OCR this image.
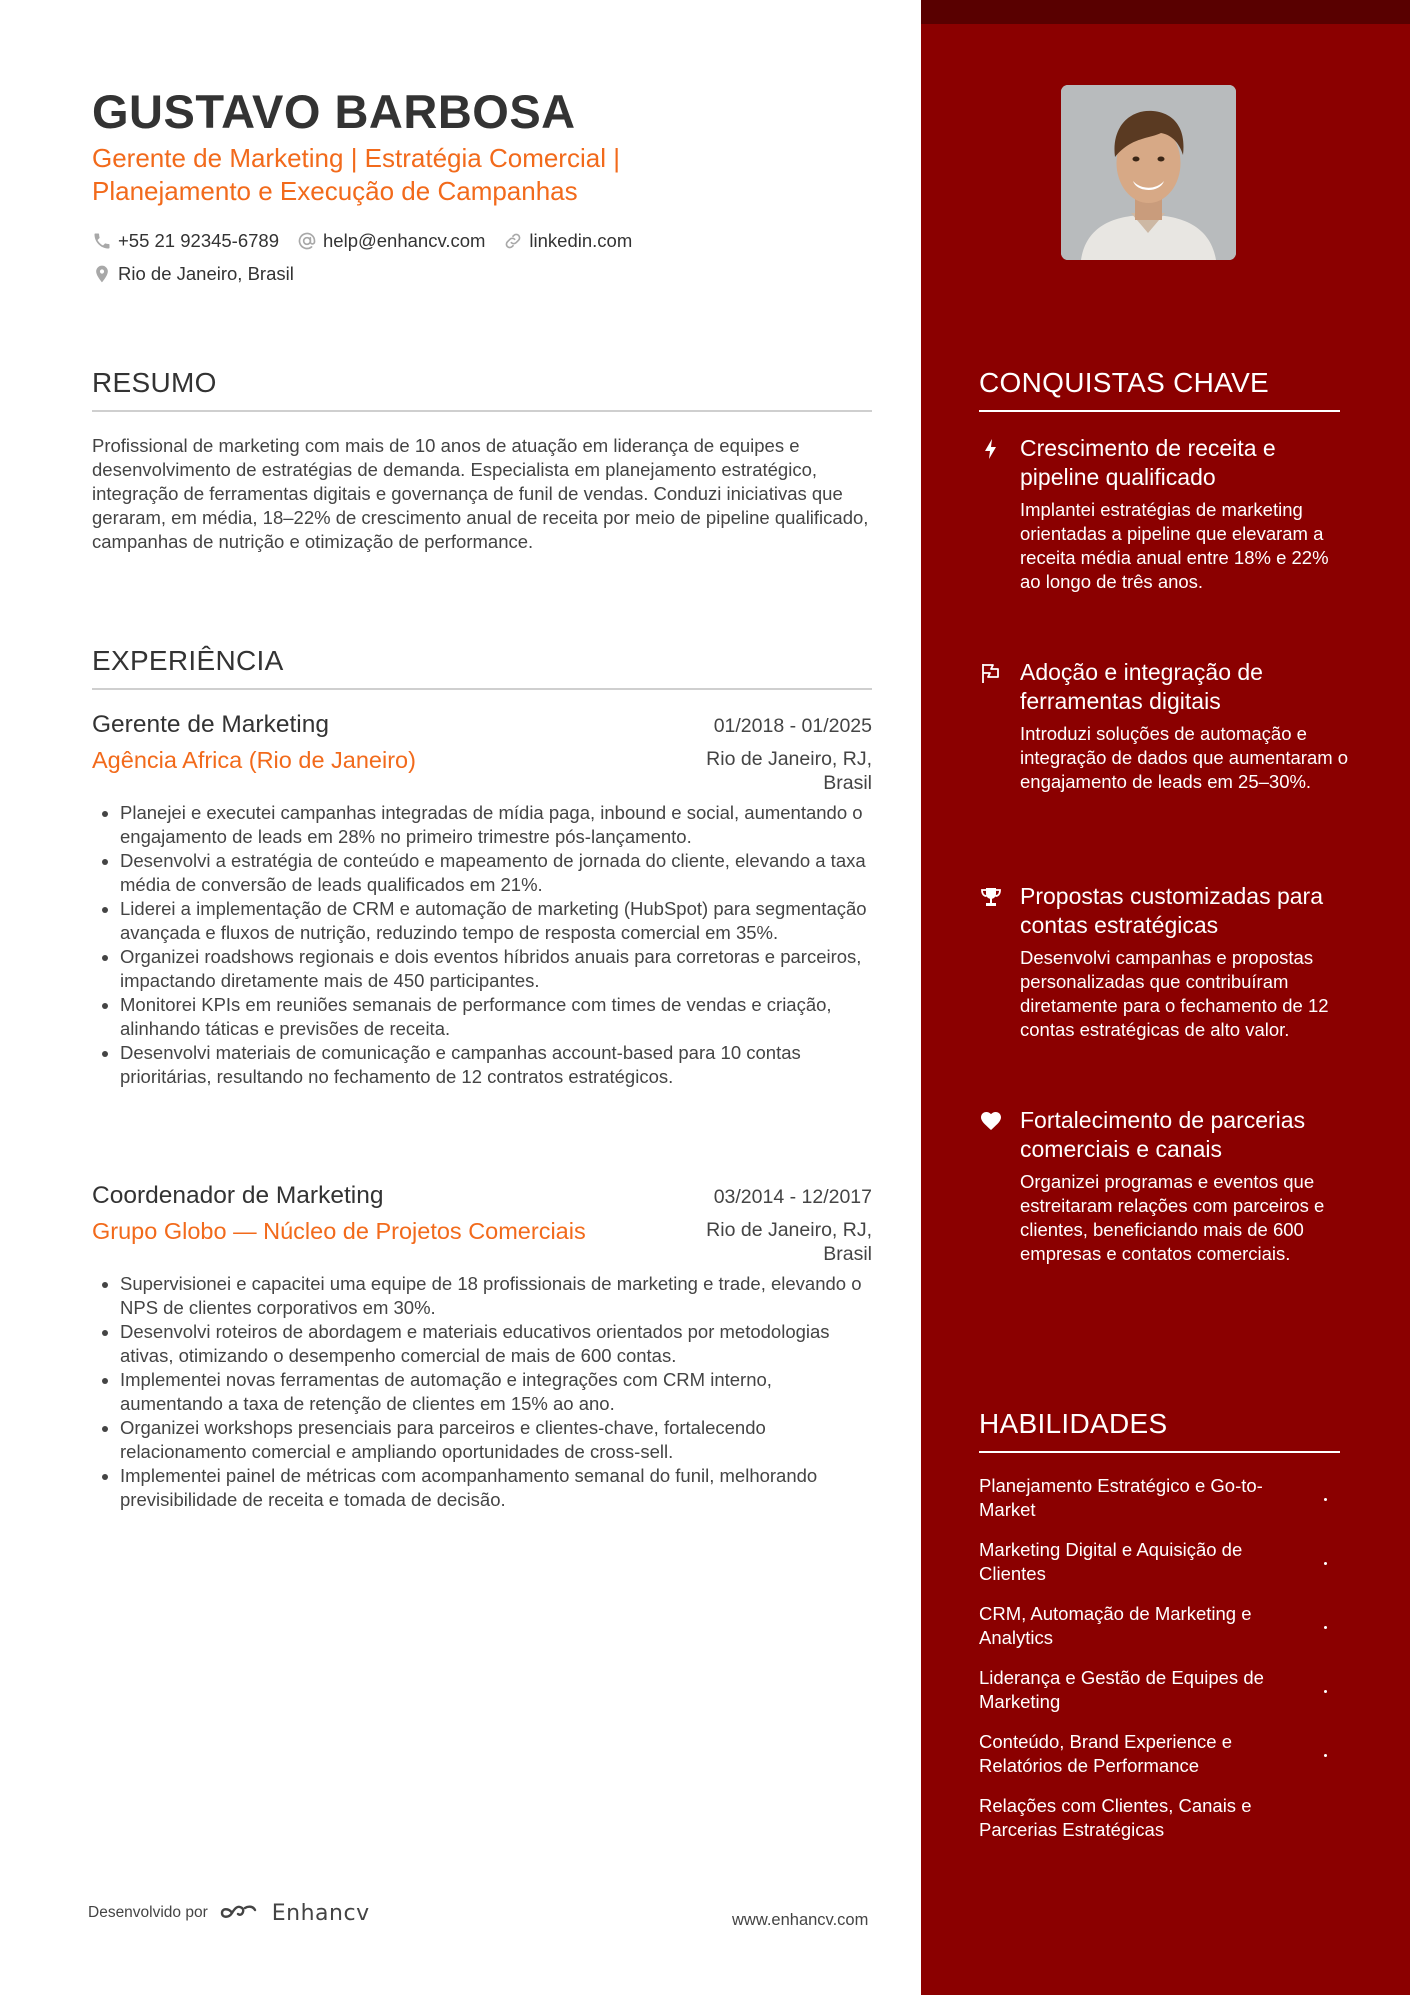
GUSTAVO BARBOSA
Gerente de Marketing | Estratégia Comercial |
Planejamento e Execução de Campanhas
+55 21 92345-6789 help@enhancv.com linkedin.com
Rio de Janeiro, Brasil
RESUMO

Profissional de marketing com mais de 10 anos de atuação em liderança de equipes e desenvolvimento de estratégias de demanda. Especialista em planejamento estratégico, integração de ferramentas digitais e governança de funil de vendas. Conduzi iniciativas que geraram, em média, 18–22% de crescimento anual de receita por meio de pipeline qualificado, campanhas de nutrição e otimização de performance.

EXPERIÊNCIA
Gerente de Marketing	01/2018 - 01/2025
Agência Africa (Rio de Janeiro)	Rio de Janeiro, RJ, Brasil
• Planejei e executei campanhas integradas de mídia paga, inbound e social, aumentando o engajamento de leads em 28% no primeiro trimestre pós-lançamento.
• Desenvolvi a estratégia de conteúdo e mapeamento de jornada do cliente, elevando a taxa média de conversão de leads qualificados em 21%.
• Liderei a implementação de CRM e automação de marketing (HubSpot) para segmentação avançada e fluxos de nutrição, reduzindo tempo de resposta comercial em 35%.
• Organizei roadshows regionais e dois eventos híbridos anuais para corretoras e parceiros, impactando diretamente mais de 450 participantes.
• Monitorei KPIs em reuniões semanais de performance com times de vendas e criação, alinhando táticas e previsões de receita.
• Desenvolvi materiais de comunicação e campanhas account-based para 10 contas prioritárias, resultando no fechamento de 12 contratos estratégicos.
Coordenador de Marketing	03/2014 - 12/2017
Grupo Globo — Núcleo de Projetos Comerciais	Rio de Janeiro, RJ, Brasil
• Supervisionei e capacitei uma equipe de 18 profissionais de marketing e trade, elevando o NPS de clientes corporativos em 30%.
• Desenvolvi roteiros de abordagem e materiais educativos orientados por metodologias ativas, otimizando o desempenho comercial de mais de 600 contas.
• Implementei novas ferramentas de automação e integrações com CRM interno, aumentando a taxa de retenção de clientes em 15% ao ano.
• Organizei workshops presenciais para parceiros e clientes-chave, fortalecendo relacionamento comercial e ampliando oportunidades de cross-sell.
• Implementei painel de métricas com acompanhamento semanal do funil, melhorando previsibilidade de receita e tomada de decisão.
Desenvolvido por	Enhancv	www.enhancv.com
CONQUISTAS CHAVE
Crescimento de receita e pipeline qualificado
Implantei estratégias de marketing orientadas a pipeline que elevaram a receita média anual entre 18% e 22% ao longo de três anos.
Adoção e integração de ferramentas digitais
Introduzi soluções de automação e integração de dados que aumentaram o engajamento de leads em 25–30%.
Propostas customizadas para contas estratégicas
Desenvolvi campanhas e propostas personalizadas que contribuíram diretamente para o fechamento de 12 contas estratégicas de alto valor.
Fortalecimento de parcerias comerciais e canais
Organizei programas e eventos que estreitaram relações com parceiros e clientes, beneficiando mais de 600 empresas e contatos comerciais.
HABILIDADES
Planejamento Estratégico e Go-to-Market
Marketing Digital e Aquisição de Clientes
CRM, Automação de Marketing e Analytics
Liderança e Gestão de Equipes de Marketing
Conteúdo, Brand Experience e Relatórios de Performance
Relações com Clientes, Canais e Parcerias Estratégicas
